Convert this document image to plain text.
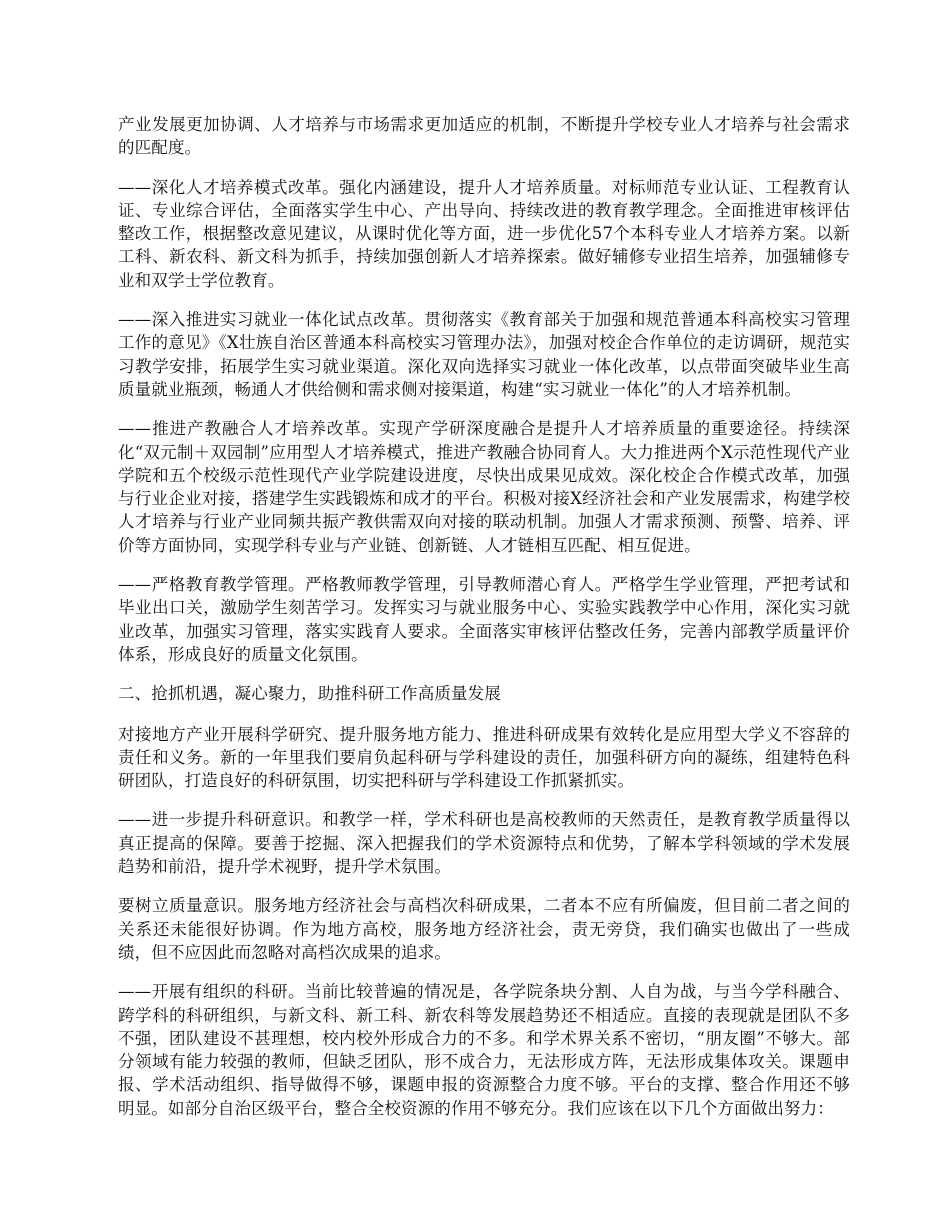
产业发展更加协调、人才培养与市场需求更加适应的机制，不断提升学校专业人才培养与社会需求的匹配度。

——深化人才培养模式改革。强化内涵建设，提升人才培养质量。对标师范专业认证、工程教育认证、专业综合评估，全面落实学生中心、产出导向、持续改进的教育教学理念。全面推进审核评估整改工作，根据整改意见建议，从课时优化等方面，进一步优化57个本科专业人才培养方案。以新工科、新农科、新文科为抓手，持续加强创新人才培养探索。做好辅修专业招生培养，加强辅修专业和双学士学位教育。

——深入推进实习就业一体化试点改革。贯彻落实《教育部关于加强和规范普通本科高校实习管理工作的意见》《X壮族自治区普通本科高校实习管理办法》，加强对校企合作单位的走访调研，规范实习教学安排，拓展学生实习就业渠道。深化双向选择实习就业一体化改革，以点带面突破毕业生高质量就业瓶颈，畅通人才供给侧和需求侧对接渠道，构建“实习就业一体化”的人才培养机制。

——推进产教融合人才培养改革。实现产学研深度融合是提升人才培养质量的重要途径。持续深化“双元制＋双园制”应用型人才培养模式，推进产教融合协同育人。大力推进两个X示范性现代产业学院和五个校级示范性现代产业学院建设进度，尽快出成果见成效。深化校企合作模式改革，加强与行业企业对接，搭建学生实践锻炼和成才的平台。积极对接X经济社会和产业发展需求，构建学校人才培养与行业产业同频共振产教供需双向对接的联动机制。加强人才需求预测、预警、培养、评价等方面协同，实现学科专业与产业链、创新链、人才链相互匹配、相互促进。

——严格教育教学管理。严格教师教学管理，引导教师潜心育人。严格学生学业管理，严把考试和毕业出口关，激励学生刻苦学习。发挥实习与就业服务中心、实验实践教学中心作用，深化实习就业改革，加强实习管理，落实实践育人要求。全面落实审核评估整改任务，完善内部教学质量评价体系，形成良好的质量文化氛围。

二、抢抓机遇，凝心聚力，助推科研工作高质量发展

对接地方产业开展科学研究、提升服务地方能力、推进科研成果有效转化是应用型大学义不容辞的责任和义务。新的一年里我们要肩负起科研与学科建设的责任，加强科研方向的凝练，组建特色科研团队，打造良好的科研氛围，切实把科研与学科建设工作抓紧抓实。

——进一步提升科研意识。和教学一样，学术科研也是高校教师的天然责任，是教育教学质量得以真正提高的保障。要善于挖掘、深入把握我们的学术资源特点和优势，了解本学科领域的学术发展趋势和前沿，提升学术视野，提升学术氛围。

要树立质量意识。服务地方经济社会与高档次科研成果，二者本不应有所偏废，但目前二者之间的关系还未能很好协调。作为地方高校，服务地方经济社会，责无旁贷，我们确实也做出了一些成绩，但不应因此而忽略对高档次成果的追求。

——开展有组织的科研。当前比较普遍的情况是，各学院条块分割、人自为战，与当今学科融合、跨学科的科研组织，与新文科、新工科、新农科等发展趋势还不相适应。直接的表现就是团队不多不强，团队建设不甚理想，校内校外形成合力的不多。和学术界关系不密切，“朋友圈”不够大。部分领域有能力较强的教师，但缺乏团队，形不成合力，无法形成方阵，无法形成集体攻关。课题申报、学术活动组织、指导做得不够，课题申报的资源整合力度不够。平台的支撑、整合作用还不够明显。如部分自治区级平台，整合全校资源的作用不够充分。我们应该在以下几个方面做出努力：
